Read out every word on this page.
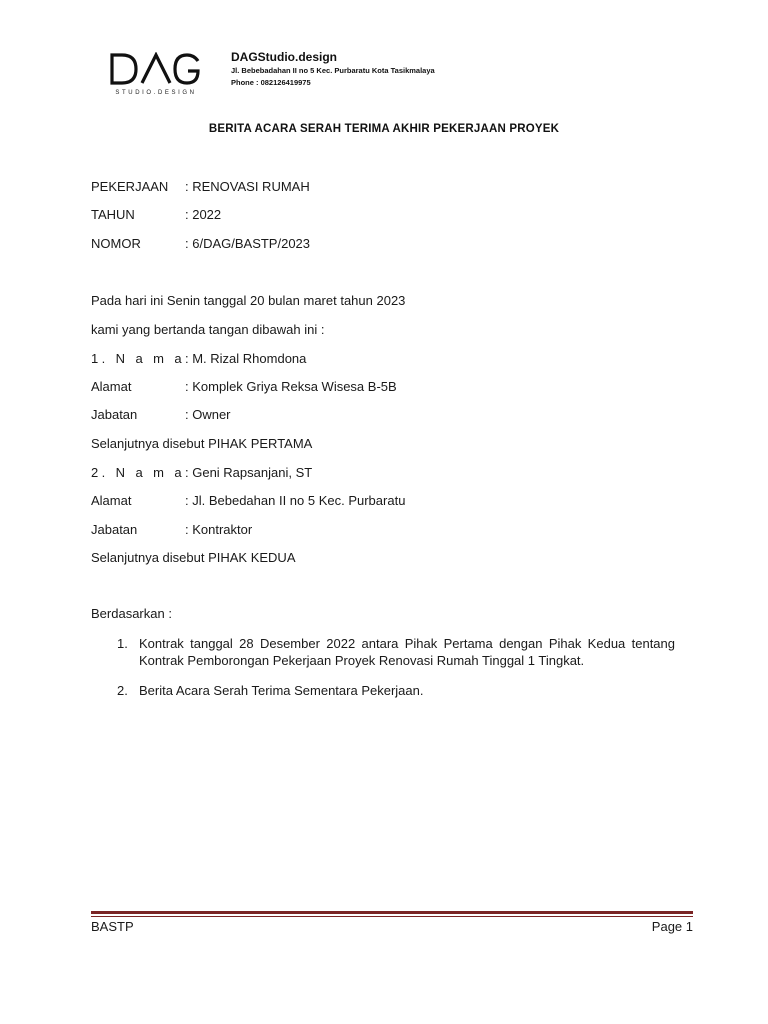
STUDIO.DESIGN
DAGStudio.design
Jl. Bebebadahan II no 5 Kec. Purbaratu Kota Tasikmalaya
Phone : 082126419975
BERITA ACARA SERAH TERIMA AKHIR PEKERJAAN PROYEK
PEKERJAAN : RENOVASI RUMAH
TAHUN	: 2022
NOMOR	: 6/DAG/BASTP/2023
Pada hari ini Senin tanggal 20 bulan maret tahun 2023
kami yang bertanda tangan dibawah ini :
1. N a m a: M. Rizal Rhomdona
Alamat	: Komplek Griya Reksa Wisesa B-5B
Jabatan	: Owner
Selanjutnya disebut PIHAK PERTAMA
2. N a m a: Geni Rapsanjani, ST
Alamat	: Jl. Bebedahan II no 5 Kec. Purbaratu
Jabatan	: Kontraktor
Selanjutnya disebut PIHAK KEDUA
Berdasarkan :
1. Kontrak tanggal 28 Desember 2022 antara Pihak Pertama dengan Pihak Kedua tentang Kontrak Pemborongan Pekerjaan Proyek Renovasi Rumah Tinggal 1 Tingkat.
2. Berita Acara Serah Terima Sementara Pekerjaan.
BASTP	Page 1
